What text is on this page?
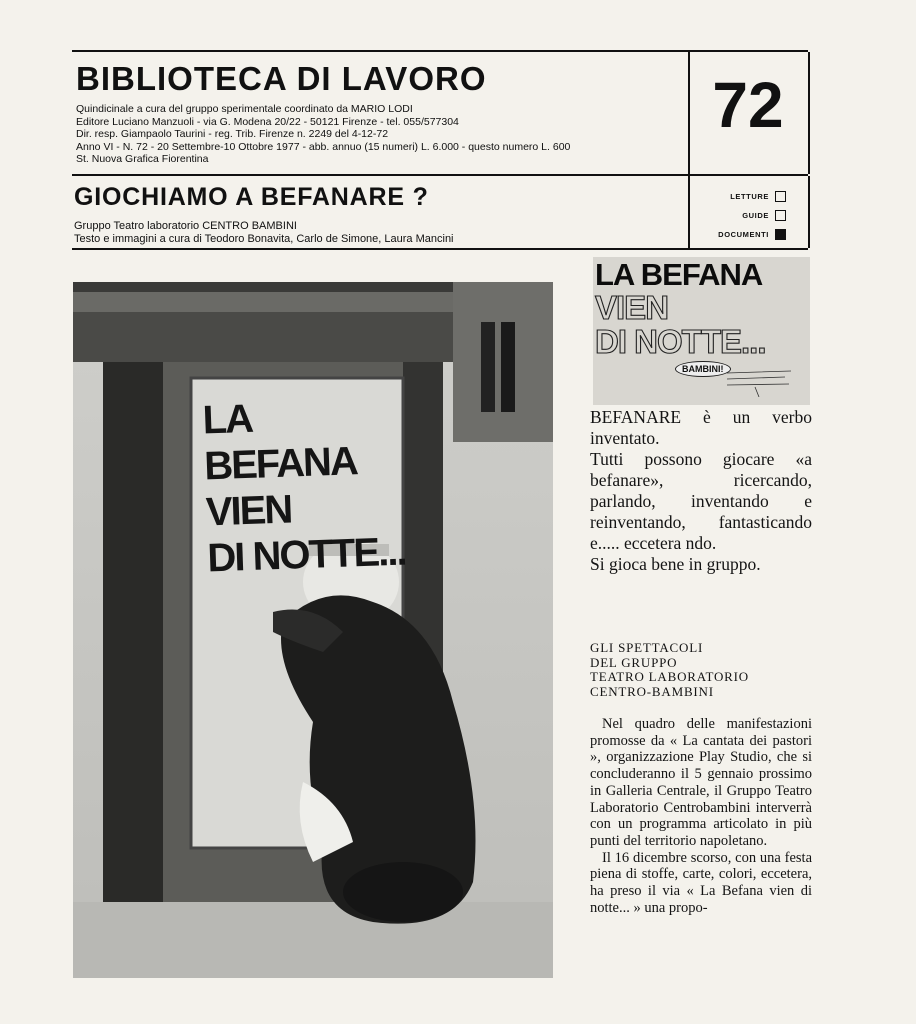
BIBLIOTECA DI LAVORO
Quindicinale a cura del gruppo sperimentale coordinato da MARIO LODI
Editore Luciano Manzuoli - via G. Modena 20/22 - 50121 Firenze - tel. 055/577304
Dir. resp. Giampaolo Taurini - reg. Trib. Firenze n. 2249 del 4-12-72
Anno VI - N. 72 - 20 Settembre-10 Ottobre 1977 - abb. annuo (15 numeri) L. 6.000 - questo numero L. 600
St. Nuova Grafica Fiorentina
72
GIOCHIAMO A BEFANARE ?
Gruppo Teatro laboratorio CENTRO BAMBINI
Testo e immagini a cura di Teodoro Bonavita, Carlo de Simone, Laura Mancini
LETTURE
GUIDE
DOCUMENTI
LA BEFANA
VIEN
DI NOTTE...
LA BEFANA
VIEN
DI NOTTE...
BAMBINI!

BEFANARE è un verbo inventato.

Tutti possono giocare «a befanare», ricercando, parlando, inventando e reinventando, fantasticando e..... eccetera ndo.

Si gioca bene in gruppo.

GLI SPETTACOLI
DEL GRUPPO
TEATRO LABORATORIO
CENTRO-BAMBINI

Nel quadro delle manifestazioni promosse da « La cantata dei pastori », organizzazione Play Studio, che si concluderanno il 5 gennaio prossimo in Galleria Centrale, il Gruppo Teatro Laboratorio Centrobambini interverrà con un programma articolato in più punti del territorio napoletano.

Il 16 dicembre scorso, con una festa piena di stoffe, carte, colori, eccetera, ha preso il via « La Befana vien di notte... » una propo-
